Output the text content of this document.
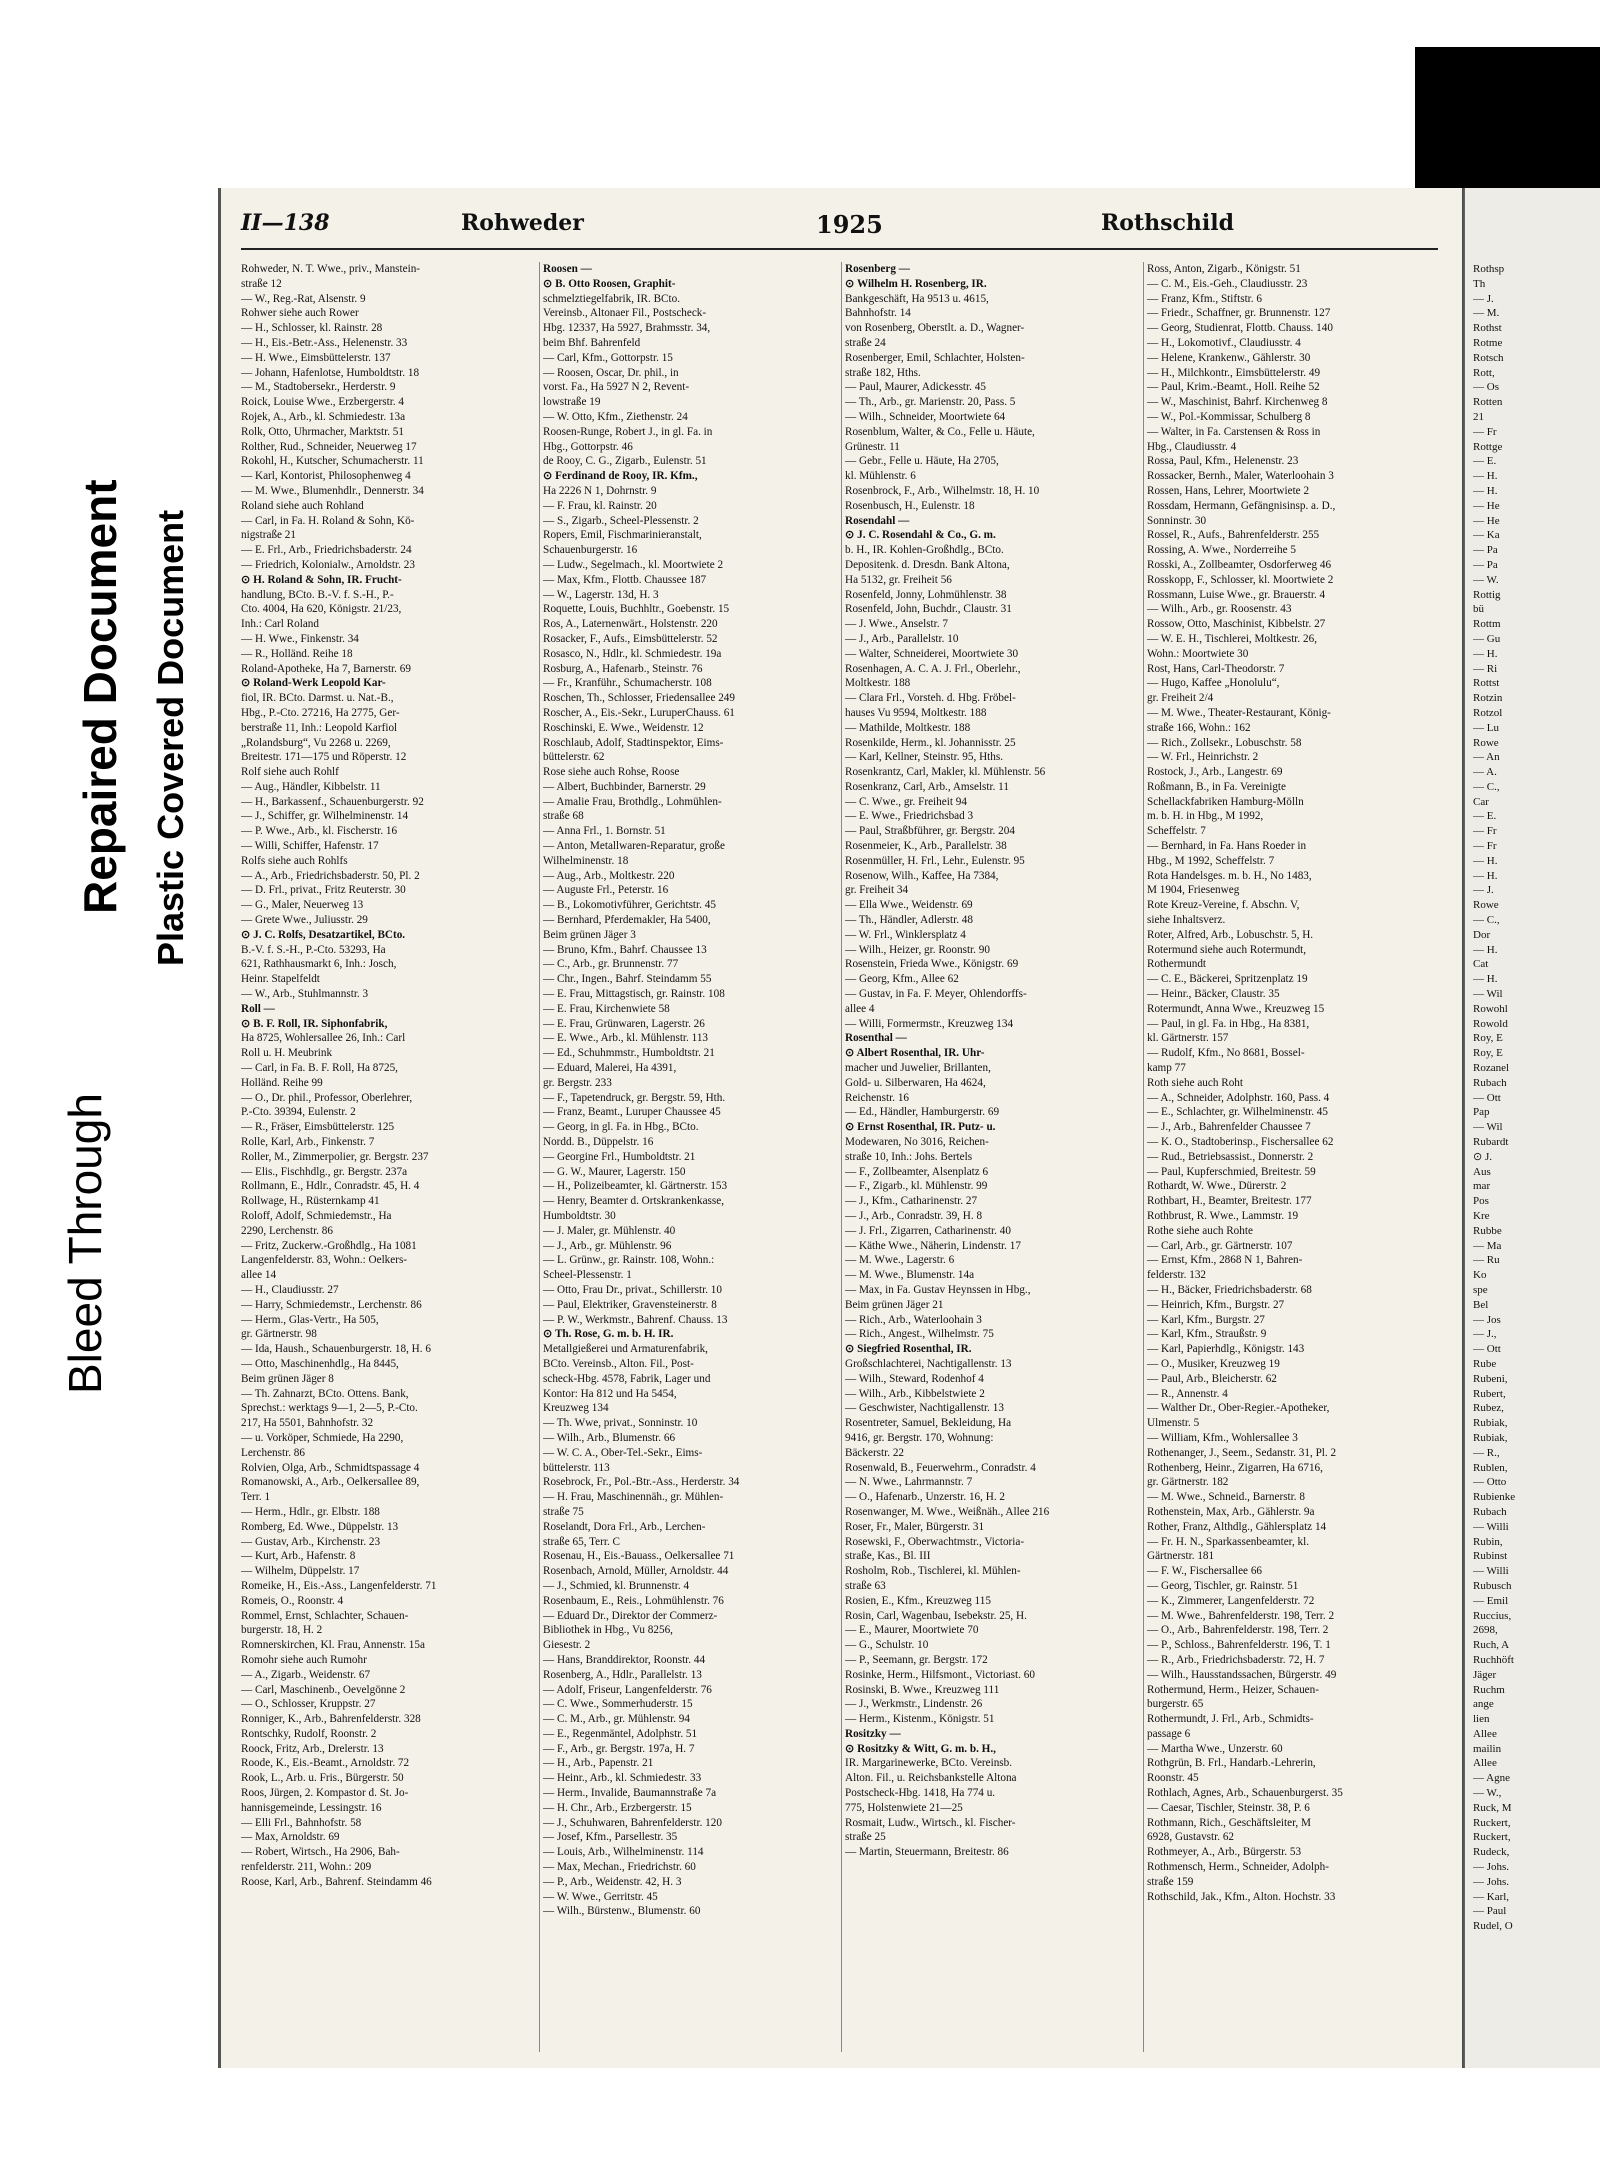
Bleed Through
Repaired Document Plastic Covered Document
II—138	Rohweder	1925	Rothschild
Rohweder, N. T. Wwe., priv., Manstein-
straße 12
— W., Reg.-Rat, Alsenstr. 9
Rohwer siehe auch Rower
— H., Schlosser, kl. Rainstr. 28
— H., Eis.-Betr.-Ass., Helenenstr. 33
— H. Wwe., Eimsbüttelerstr. 137
— Johann, Hafenlotse, Humboldtstr. 18
— M., Stadtobersekr., Herderstr. 9
Roick, Louise Wwe., Erzbergerstr. 4
Rojek, A., Arb., kl. Schmiedestr. 13a
Rolk, Otto, Uhrmacher, Marktstr. 51
Rolther, Rud., Schneider, Neuerweg 17
Rokohl, H., Kutscher, Schumacherstr. 11
— Karl, Kontorist, Philosophenweg 4
— M. Wwe., Blumenhdlr., Dennerstr. 34
Roland siehe auch Rohland
— Carl, in Fa. H. Roland & Sohn, Kö-
nigstraße 21
— E. Frl., Arb., Friedrichsbaderstr. 24
— Friedrich, Kolonialw., Arnoldstr. 23
⊙ H. Roland & Sohn, IR. Frucht-
handlung, BCto. B.-V. f. S.-H., P.-
Cto. 4004, Ha 620, Königstr. 21/23,
Inh.: Carl Roland
— H. Wwe., Finkenstr. 34
— R., Holländ. Reihe 18
Roland-Apotheke, Ha 7, Barnerstr. 69
⊙ Roland-Werk Leopold Kar-
fiol, IR. BCto. Darmst. u. Nat.-B.,
Hbg., P.-Cto. 27216, Ha 2775, Ger-
berstraße 11, Inh.: Leopold Karfiol
„Rolandsburg“, Vu 2268 u. 2269,
Breitestr. 171—175 und Röperstr. 12
Rolf siehe auch Rohlf
— Aug., Händler, Kibbelstr. 11
— H., Barkassenf., Schauenburgerstr. 92
— J., Schiffer, gr. Wilhelminenstr. 14
— P. Wwe., Arb., kl. Fischerstr. 16
— Willi, Schiffer, Hafenstr. 17
Rolfs siehe auch Rohlfs
— A., Arb., Friedrichsbaderstr. 50, Pl. 2
— D. Frl., privat., Fritz Reuterstr. 30
— G., Maler, Neuerweg 13
— Grete Wwe., Juliusstr. 29
⊙ J. C. Rolfs, Desatzartikel, BCto.
B.-V. f. S.-H., P.-Cto. 53293, Ha
621, Rathhausmarkt 6, Inh.: Josch,
Heinr. Stapelfeldt
— W., Arb., Stuhlmannstr. 3
Roll —
⊙ B. F. Roll, IR. Siphonfabrik,
Ha 8725, Wohlersallee 26, Inh.: Carl
Roll u. H. Meubrink
— Carl, in Fa. B. F. Roll, Ha 8725,
Holländ. Reihe 99
— O., Dr. phil., Professor, Oberlehrer,
P.-Cto. 39394, Eulenstr. 2
— R., Fräser, Eimsbüttelerstr. 125
Rolle, Karl, Arb., Finkenstr. 7
Roller, M., Zimmerpolier, gr. Bergstr. 237
— Elis., Fischhdlg., gr. Bergstr. 237a
Rollmann, E., Hdlr., Conradstr. 45, H. 4
Rollwage, H., Rüsternkamp 41
Roloff, Adolf, Schmiedemstr., Ha
2290, Lerchenstr. 86
— Fritz, Zuckerw.-Großhdlg., Ha 1081
Langenfelderstr. 83, Wohn.: Oelkers-
allee 14
— H., Claudiusstr. 27
— Harry, Schmiedemstr., Lerchenstr. 86
— Herm., Glas-Vertr., Ha 505,
gr. Gärtnerstr. 98
— Ida, Haush., Schauenburgerstr. 18, H. 6
— Otto, Maschinenhdlg., Ha 8445,
Beim grünen Jäger 8
— Th. Zahnarzt, BCto. Ottens. Bank,
Sprechst.: werktags 9—1, 2—5, P.-Cto.
217, Ha 5501, Bahnhofstr. 32
— u. Vorköper, Schmiede, Ha 2290,
Lerchenstr. 86
Rolvien, Olga, Arb., Schmidtspassage 4
Romanowski, A., Arb., Oelkersallee 89,
Terr. 1
— Herm., Hdlr., gr. Elbstr. 188
Romberg, Ed. Wwe., Düppelstr. 13
— Gustav, Arb., Kirchenstr. 23
— Kurt, Arb., Hafenstr. 8
— Wilhelm, Düppelstr. 17
Romeike, H., Eis.-Ass., Langenfelderstr. 71
Romeis, O., Roonstr. 4
Rommel, Ernst, Schlachter, Schauen-
burgerstr. 18, H. 2
Romnerskirchen, Kl. Frau, Annenstr. 15a
Romohr siehe auch Rumohr
— A., Zigarb., Weidenstr. 67
— Carl, Maschinenb., Oevelgönne 2
— O., Schlosser, Kruppstr. 27
Ronniger, K., Arb., Bahrenfelderstr. 328
Rontschky, Rudolf, Roonstr. 2
Roock, Fritz, Arb., Drelerstr. 13
Roode, K., Eis.-Beamt., Arnoldstr. 72
Rook, L., Arb. u. Fris., Bürgerstr. 50
Roos, Jürgen, 2. Kompastor d. St. Jo-
hannisgemeinde, Lessingstr. 16
— Elli Frl., Bahnhofstr. 58
— Max, Arnoldstr. 69
— Robert, Wirtsch., Ha 2906, Bah-
renfelderstr. 211, Wohn.: 209
Roose, Karl, Arb., Bahrenf. Steindamm 46
Roosen —
⊙ B. Otto Roosen, Graphit-
schmelztiegelfabrik, IR. BCto.
Vereinsb., Altonaer Fil., Postscheck-
Hbg. 12337, Ha 5927, Brahmsstr. 34,
beim Bhf. Bahrenfeld
— Carl, Kfm., Gottorpstr. 15
— Roosen, Oscar, Dr. phil., in
vorst. Fa., Ha 5927 N 2, Revent-
lowstraße 19
— W. Otto, Kfm., Ziethenstr. 24
Roosen-Runge, Robert J., in gl. Fa. in
Hbg., Gottorpstr. 46
de Rooy, C. G., Zigarb., Eulenstr. 51
⊙ Ferdinand de Rooy, IR. Kfm.,
Ha 2226 N 1, Dohrnstr. 9
— F. Frau, kl. Rainstr. 20
— S., Zigarb., Scheel-Plessenstr. 2
Ropers, Emil, Fischmarinieranstalt,
Schauenburgerstr. 16
— Ludw., Segelmach., kl. Moortwiete 2
— Max, Kfm., Flottb. Chaussee 187
— W., Lagerstr. 13d, H. 3
Roquette, Louis, Buchhltr., Goebenstr. 15
Ros, A., Laternenwärt., Holstenstr. 220
Rosacker, F., Aufs., Eimsbüttelerstr. 52
Rosasco, N., Hdlr., kl. Schmiedestr. 19a
Rosburg, A., Hafenarb., Steinstr. 76
— Fr., Kranführ., Schumacherstr. 108
Roschen, Th., Schlosser, Friedensallee 249
Roscher, A., Eis.-Sekr., LuruperChauss. 61
Roschinski, E. Wwe., Weidenstr. 12
Roschlaub, Adolf, Stadtinspektor, Eims-
büttelerstr. 62
Rose siehe auch Rohse, Roose
— Albert, Buchbinder, Barnerstr. 29
— Amalie Frau, Brothdlg., Lohmühlen-
straße 68
— Anna Frl., 1. Bornstr. 51
— Anton, Metallwaren-Reparatur, große
Wilhelminenstr. 18
— Aug., Arb., Moltkestr. 220
— Auguste Frl., Peterstr. 16
— B., Lokomotivführer, Gerichtstr. 45
— Bernhard, Pferdemakler, Ha 5400,
Beim grünen Jäger 3
— Bruno, Kfm., Bahrf. Chaussee 13
— C., Arb., gr. Brunnenstr. 77
— Chr., Ingen., Bahrf. Steindamm 55
— E. Frau, Mittagstisch, gr. Rainstr. 108
— E. Frau, Kirchenwiete 58
— E. Frau, Grünwaren, Lagerstr. 26
— E. Wwe., Arb., kl. Mühlenstr. 113
— Ed., Schuhmmstr., Humboldtstr. 21
— Eduard, Malerei, Ha 4391,
gr. Bergstr. 233
— F., Tapetendruck, gr. Bergstr. 59, Hth.
— Franz, Beamt., Luruper Chaussee 45
— Georg, in gl. Fa. in Hbg., BCto.
Nordd. B., Düppelstr. 16
— Georgine Frl., Humboldtstr. 21
— G. W., Maurer, Lagerstr. 150
— H., Polizeibeamter, kl. Gärtnerstr. 153
— Henry, Beamter d. Ortskrankenkasse,
Humboldtstr. 30
— J. Maler, gr. Mühlenstr. 40
— J., Arb., gr. Mühlenstr. 96
— L. Grünw., gr. Rainstr. 108, Wohn.:
Scheel-Plessenstr. 1
— Otto, Frau Dr., privat., Schillerstr. 10
— Paul, Elektriker, Gravensteinerstr. 8
— P. W., Werkmstr., Bahrenf. Chauss. 13
⊙ Th. Rose, G. m. b. H. IR.
Metallgießerei und Armaturenfabrik,
BCto. Vereinsb., Alton. Fil., Post-
scheck-Hbg. 4578, Fabrik, Lager und
Kontor: Ha 812 und Ha 5454,
Kreuzweg 134
— Th. Wwe, privat., Sonninstr. 10
— Wilh., Arb., Blumenstr. 66
— W. C. A., Ober-Tel.-Sekr., Eims-
büttelerstr. 113
Rosebrock, Fr., Pol.-Btr.-Ass., Herderstr. 34
— H. Frau, Maschinennäh., gr. Mühlen-
straße 75
Roselandt, Dora Frl., Arb., Lerchen-
straße 65, Terr. C
Rosenau, H., Eis.-Bauass., Oelkersallee 71
Rosenbach, Arnold, Müller, Arnoldstr. 44
— J., Schmied, kl. Brunnenstr. 4
Rosenbaum, E., Reis., Lohmühlenstr. 76
— Eduard Dr., Direktor der Commerz-
Bibliothek in Hbg., Vu 8256,
Giesestr. 2
— Hans, Branddirektor, Roonstr. 44
Rosenberg, A., Hdlr., Parallelstr. 13
— Adolf, Friseur, Langenfelderstr. 76
— C. Wwe., Sommerhuderstr. 15
— C. M., Arb., gr. Mühlenstr. 94
— E., Regenmäntel, Adolphstr. 51
— F., Arb., gr. Bergstr. 197a, H. 7
— H., Arb., Papenstr. 21
— Heinr., Arb., kl. Schmiedestr. 33
— Herm., Invalide, Baumannstraße 7a
— H. Chr., Arb., Erzbergerstr. 15
— J., Schuhwaren, Bahrenfelderstr. 120
— Josef, Kfm., Parsellestr. 35
— Louis, Arb., Wilhelminenstr. 114
— Max, Mechan., Friedrichstr. 60
— P., Arb., Weidenstr. 42, H. 3
— W. Wwe., Gerritstr. 45
— Wilh., Bürstenw., Blumenstr. 60
Rosenberg —
⊙ Wilhelm H. Rosenberg, IR.
Bankgeschäft, Ha 9513 u. 4615,
Bahnhofstr. 14
von Rosenberg, Oberstlt. a. D., Wagner-
straße 24
Rosenberger, Emil, Schlachter, Holsten-
straße 182, Hths.
— Paul, Maurer, Adickesstr. 45
— Th., Arb., gr. Marienstr. 20, Pass. 5
— Wilh., Schneider, Moortwiete 64
Rosenblum, Walter, & Co., Felle u. Häute,
Grünestr. 11
— Gebr., Felle u. Häute, Ha 2705,
kl. Mühlenstr. 6
Rosenbrock, F., Arb., Wilhelmstr. 18, H. 10
Rosenbusch, H., Eulenstr. 18
Rosendahl —
⊙ J. C. Rosendahl & Co., G. m.
b. H., IR. Kohlen-Großhdlg., BCto.
Depositenk. d. Dresdn. Bank Altona,
Ha 5132, gr. Freiheit 56
Rosenfeld, Jonny, Lohmühlenstr. 38
Rosenfeld, John, Buchdr., Claustr. 31
— J. Wwe., Anselstr. 7
— J., Arb., Parallelstr. 10
— Walter, Schneiderei, Moortwiete 30
Rosenhagen, A. C. A. J. Frl., Oberlehr.,
Moltkestr. 188
— Clara Frl., Vorsteh. d. Hbg. Fröbel-
hauses Vu 9594, Moltkestr. 188
— Mathilde, Moltkestr. 188
Rosenkilde, Herm., kl. Johannisstr. 25
— Karl, Kellner, Steinstr. 95, Hths.
Rosenkrantz, Carl, Makler, kl. Mühlenstr. 56
Rosenkranz, Carl, Arb., Amselstr. 11
— C. Wwe., gr. Freiheit 94
— E. Wwe., Friedrichsbad 3
— Paul, Straßbführer, gr. Bergstr. 204
Rosenmeier, K., Arb., Parallelstr. 38
Rosenmüller, H. Frl., Lehr., Eulenstr. 95
Rosenow, Wilh., Kaffee, Ha 7384,
gr. Freiheit 34
— Ella Wwe., Weidenstr. 69
— Th., Händler, Adlerstr. 48
— W. Frl., Winklersplatz 4
— Wilh., Heizer, gr. Roonstr. 90
Rosenstein, Frieda Wwe., Königstr. 69
— Georg, Kfm., Allee 62
— Gustav, in Fa. F. Meyer, Ohlendorffs-
allee 4
— Willi, Formermstr., Kreuzweg 134
Rosenthal —
⊙ Albert Rosenthal, IR. Uhr-
macher und Juwelier, Brillanten,
Gold- u. Silberwaren, Ha 4624,
Reichenstr. 16
— Ed., Händler, Hamburgerstr. 69
⊙ Ernst Rosenthal, IR. Putz- u.
Modewaren, No 3016, Reichen-
straße 10, Inh.: Johs. Bertels
— F., Zollbeamter, Alsenplatz 6
— F., Zigarb., kl. Mühlenstr. 99
— J., Kfm., Catharinenstr. 27
— J., Arb., Conradstr. 39, H. 8
— J. Frl., Zigarren, Catharinenstr. 40
— Käthe Wwe., Näherin, Lindenstr. 17
— M. Wwe., Lagerstr. 6
— M. Wwe., Blumenstr. 14a
— Max, in Fa. Gustav Heynssen in Hbg.,
Beim grünen Jäger 21
— Rich., Arb., Waterloohain 3
— Rich., Angest., Wilhelmstr. 75
⊙ Siegfried Rosenthal, IR.
Großschlachterei, Nachtigallenstr. 13
— Wilh., Steward, Rodenhof 4
— Wilh., Arb., Kibbelstwiete 2
— Geschwister, Nachtigallenstr. 13
Rosentreter, Samuel, Bekleidung, Ha
9416, gr. Bergstr. 170, Wohnung:
Bäckerstr. 22
Rosenwald, B., Feuerwehrm., Conradstr. 4
— N. Wwe., Lahrmannstr. 7
— O., Hafenarb., Unzerstr. 16, H. 2
Rosenwanger, M. Wwe., Weißnäh., Allee 216
Roser, Fr., Maler, Bürgerstr. 31
Rosewski, F., Oberwachtmstr., Victoria-
straße, Kas., Bl. III
Rosholm, Rob., Tischlerei, kl. Mühlen-
straße 63
Rosien, E., Kfm., Kreuzweg 115
Rosin, Carl, Wagenbau, Isebekstr. 25, H.
— E., Maurer, Moortwiete 70
— G., Schulstr. 10
— P., Seemann, gr. Bergstr. 172
Rosinke, Herm., Hilfsmont., Victoriast. 60
Rosinski, B. Wwe., Kreuzweg 111
— J., Werkmstr., Lindenstr. 26
— Herm., Kistenm., Königstr. 51
Rositzky —
⊙ Rositzky & Witt, G. m. b. H.,
IR. Margarinewerke, BCto. Vereinsb.
Alton. Fil., u. Reichsbankstelle Altona
Postscheck-Hbg. 1418, Ha 774 u.
775, Holstenwiete 21—25
Rosmait, Ludw., Wirtsch., kl. Fischer-
straße 25
— Martin, Steuermann, Breitestr. 86
Ross, Anton, Zigarb., Königstr. 51
— C. M., Eis.-Geh., Claudiusstr. 23
— Franz, Kfm., Stiftstr. 6
— Friedr., Schaffner, gr. Brunnenstr. 127
— Georg, Studienrat, Flottb. Chauss. 140
— H., Lokomotivf., Claudiusstr. 4
— Helene, Krankenw., Gählerstr. 30
— H., Milchkontr., Eimsbüttelerstr. 49
— Paul, Krim.-Beamt., Holl. Reihe 52
— W., Maschinist, Bahrf. Kirchenweg 8
— W., Pol.-Kommissar, Schulberg 8
— Walter, in Fa. Carstensen & Ross in
Hbg., Claudiusstr. 4
Rossa, Paul, Kfm., Helenenstr. 23
Rossacker, Bernh., Maler, Waterloohain 3
Rossen, Hans, Lehrer, Moortwiete 2
Rossdam, Hermann, Gefängnisinsp. a. D.,
Sonninstr. 30
Rossel, R., Aufs., Bahrenfelderstr. 255
Rossing, A. Wwe., Norderreihe 5
Rosski, A., Zollbeamter, Osdorferweg 46
Rosskopp, F., Schlosser, kl. Moortwiete 2
Rossmann, Luise Wwe., gr. Brauerstr. 4
— Wilh., Arb., gr. Roosenstr. 43
Rossow, Otto, Maschinist, Kibbelstr. 27
— W. E. H., Tischlerei, Moltkestr. 26,
Wohn.: Moortwiete 30
Rost, Hans, Carl-Theodorstr. 7
— Hugo, Kaffee „Honolulu“,
gr. Freiheit 2/4
— M. Wwe., Theater-Restaurant, König-
straße 166, Wohn.: 162
— Rich., Zollsekr., Lobuschstr. 58
— W. Frl., Heinrichstr. 2
Rostock, J., Arb., Langestr. 69
Roßmann, B., in Fa. Vereinigte
Schellackfabriken Hamburg-Mölln
m. b. H. in Hbg., M 1992,
Scheffelstr. 7
— Bernhard, in Fa. Hans Roeder in
Hbg., M 1992, Scheffelstr. 7
Rota Handelsges. m. b. H., No 1483,
M 1904, Friesenweg
Rote Kreuz-Vereine, f. Abschn. V,
siehe Inhaltsverz.
Roter, Alfred, Arb., Lobuschstr. 5, H.
Rotermund siehe auch Rotermundt,
Rothermundt
— C. E., Bäckerei, Spritzenplatz 19
— Heinr., Bäcker, Claustr. 35
Rotermundt, Anna Wwe., Kreuzweg 15
— Paul, in gl. Fa. in Hbg., Ha 8381,
kl. Gärtnerstr. 157
— Rudolf, Kfm., No 8681, Bossel-
kamp 77
Roth siehe auch Roht
— A., Schneider, Adolphstr. 160, Pass. 4
— E., Schlachter, gr. Wilhelminenstr. 45
— J., Arb., Bahrenfelder Chaussee 7
— K. O., Stadtoberinsp., Fischersallee 62
— Rud., Betriebsassist., Donnerstr. 2
— Paul, Kupferschmied, Breitestr. 59
Rothardt, W. Wwe., Dürerstr. 2
Rothbart, H., Beamter, Breitestr. 177
Rothbrust, R. Wwe., Lammstr. 19
Rothe siehe auch Rohte
— Carl, Arb., gr. Gärtnerstr. 107
— Ernst, Kfm., 2868 N 1, Bahren-
felderstr. 132
— H., Bäcker, Friedrichsbaderstr. 68
— Heinrich, Kfm., Burgstr. 27
— Karl, Kfm., Burgstr. 27
— Karl, Kfm., Straußstr. 9
— Karl, Papierhdlg., Königstr. 143
— O., Musiker, Kreuzweg 19
— Paul, Arb., Bleicherstr. 62
— R., Annenstr. 4
— Walther Dr., Ober-Regier.-Apotheker,
Ulmenstr. 5
— William, Kfm., Wohlersallee 3
Rothenanger, J., Seem., Sedanstr. 31, Pl. 2
Rothenberg, Heinr., Zigarren, Ha 6716,
gr. Gärtnerstr. 182
— M. Wwe., Schneid., Barnerstr. 8
Rothenstein, Max, Arb., Gählerstr. 9a
Rother, Franz, Althdlg., Gählersplatz 14
— Fr. H. N., Sparkassenbeamter, kl.
Gärtnerstr. 181
— F. W., Fischersallee 66
— Georg, Tischler, gr. Rainstr. 51
— K., Zimmerer, Langenfelderstr. 72
— M. Wwe., Bahrenfelderstr. 198, Terr. 2
— O., Arb., Bahrenfelderstr. 198, Terr. 2
— P., Schloss., Bahrenfelderstr. 196, T. 1
— R., Arb., Friedrichsbaderstr. 72, H. 7
— Wilh., Hausstandssachen, Bürgerstr. 49
Rothermund, Herm., Heizer, Schauen-
burgerstr. 65
Rothermundt, J. Frl., Arb., Schmidts-
passage 6
— Martha Wwe., Unzerstr. 60
Rothgrün, B. Frl., Handarb.-Lehrerin,
Roonstr. 45
Rothlach, Agnes, Arb., Schauenburgerst. 35
— Caesar, Tischler, Steinstr. 38, P. 6
Rothmann, Rich., Geschäftsleiter, M
6928, Gustavstr. 62
Rothmeyer, A., Arb., Bürgerstr. 53
Rothmensch, Herm., Schneider, Adolph-
straße 159
Rothschild, Jak., Kfm., Alton. Hochstr. 33
Rothsp
Th
— J.
— M.
Rothst
Rotme
Rotsch
Rott,
— Os
Rotten
21
— Fr
Rottge
— E.
— H.
— H.
— He
— He
— Ka
— Pa
— Pa
— W.
Rottig
bü
Rottm
— Gu
— H.
— Ri
Rottst
Rotzin
Rotzol
— Lu
Rowe
— An
— A.
— C.,
Car
— E.
— Fr
— Fr
— H.
— H.
— J.
Rowe
— C.,
Dor
— H.
Cat
— H.
— Wil
Rowohl
Rowold
Roy, E
Roy, E
Rozanel
Rubach
— Ott
Pap
— Wil
Rubardt
⊙ J.
Aus
mar
Pos
Kre
Rubbe
— Ma
— Ru
Ko
spe
Bel
— Jos
— J.,
— Ott
Rube
Rubeni,
Rubert,
Rubez,
Rubiak,
Rubiak,
— R.,
Rublen,
— Otto
Rubienke
Rubach
— Willi
Rubin,
Rubinst
— Willi
Rubusch
— Emil
Ruccius,
2698,
Ruch, A
Ruchhöft
Jäger
Ruchm
ange
lien
Allee
mailin
Allee
— Agne
— W.,
Ruck, M
Ruckert,
Ruckert,
Rudeck,
— Johs.
— Johs.
— Karl,
— Paul
Rudel, O
